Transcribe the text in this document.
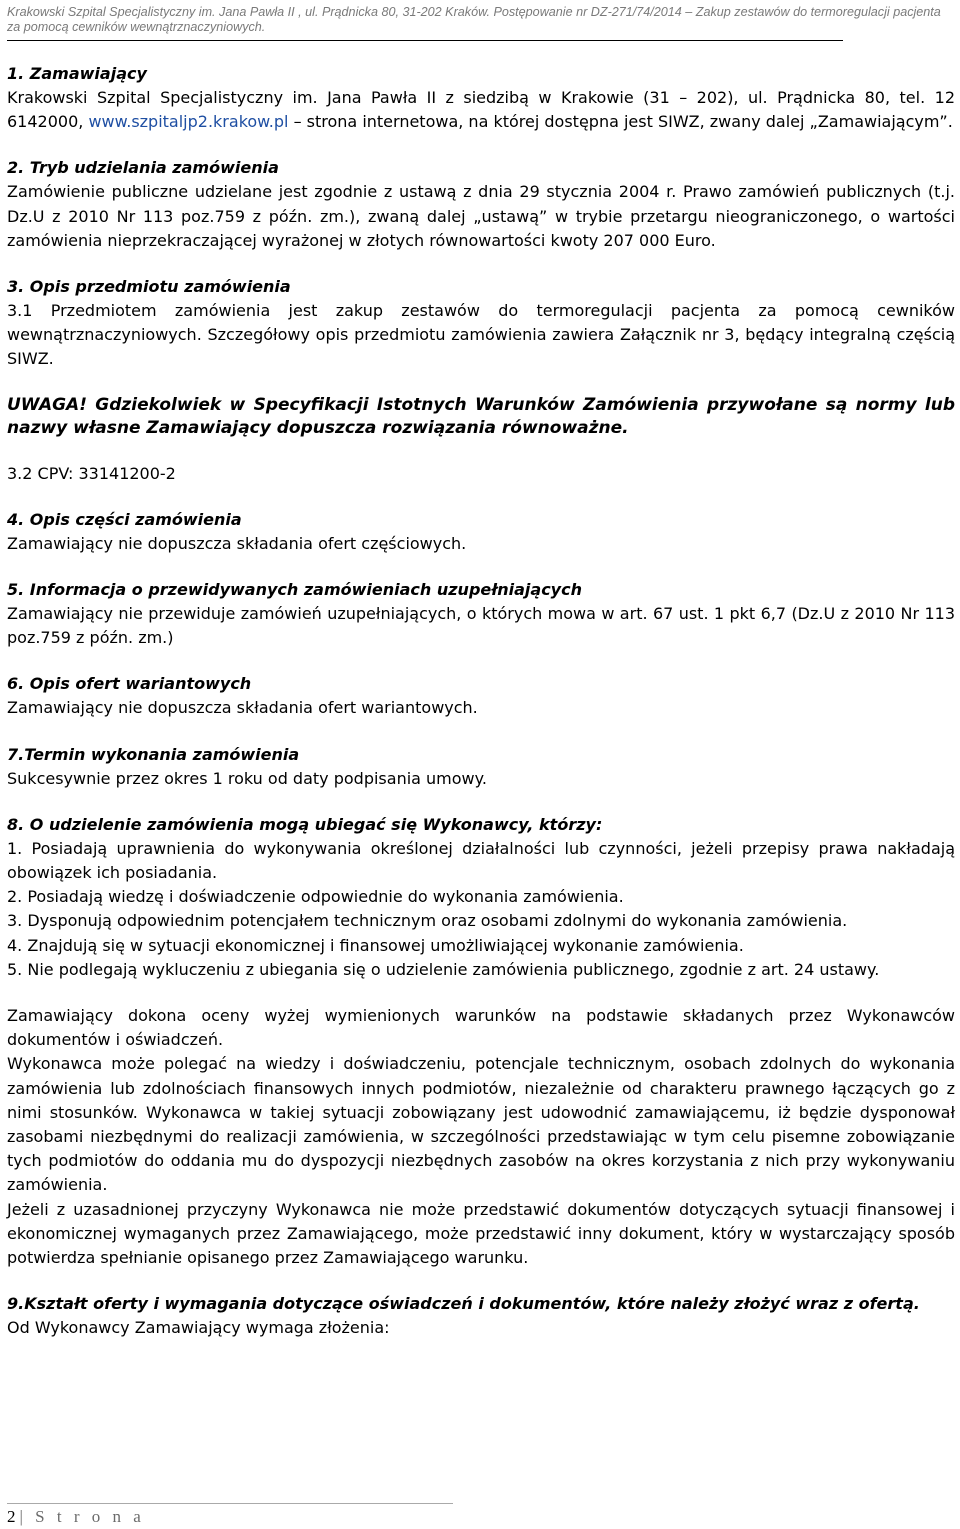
Krakowski Szpital Specjalistyczny im. Jana Pawła II , ul. Prądnicka 80, 31-202 Kraków. Postępowanie nr DZ-271/74/2014 – Zakup zestawów do termoregulacji pacjenta za pomocą cewników wewnątrznaczyniowych.
1. Zamawiający

Krakowski Szpital Specjalistyczny im. Jana Pawła II z siedzibą w Krakowie (31 – 202), ul. Prądnicka 80, tel. 12 6142000, www.szpitaljp2.krakow.pl – strona internetowa, na której dostępna jest SIWZ, zwany dalej „Zamawiającym”.

2. Tryb udzielania zamówienia

Zamówienie publiczne udzielane jest zgodnie z ustawą z dnia 29 stycznia 2004 r. Prawo zamówień publicznych (t.j. Dz.U z 2010 Nr 113 poz.759 z późn. zm.), zwaną dalej „ustawą” w trybie przetargu nieograniczonego, o wartości zamówienia nieprzekraczającej wyrażonej w złotych równowartości kwoty 207 000 Euro.

3. Opis przedmiotu zamówienia

3.1 Przedmiotem zamówienia jest zakup zestawów do termoregulacji pacjenta za pomocą cewników wewnątrznaczyniowych. Szczegółowy opis przedmiotu zamówienia zawiera Załącznik nr 3, będący integralną częścią SIWZ.

UWAGA! Gdziekolwiek w Specyfikacji Istotnych Warunków Zamówienia przywołane są normy lub nazwy własne Zamawiający dopuszcza rozwiązania równoważne.

3.2 CPV: 33141200-2

4. Opis części zamówienia

Zamawiający nie dopuszcza składania ofert częściowych.

5. Informacja o przewidywanych zamówieniach uzupełniających

Zamawiający nie przewiduje zamówień uzupełniających, o których mowa w art. 67 ust. 1 pkt 6,7 (Dz.U z 2010 Nr 113 poz.759 z późn. zm.)

6. Opis ofert wariantowych

Zamawiający nie dopuszcza składania ofert wariantowych.

7.Termin wykonania zamówienia

Sukcesywnie przez okres 1 roku od daty podpisania umowy.

8. O udzielenie zamówienia mogą ubiegać się Wykonawcy, którzy:

1. Posiadają uprawnienia do wykonywania określonej działalności lub czynności, jeżeli przepisy prawa nakładają obowiązek ich posiadania.

2. Posiadają wiedzę i doświadczenie odpowiednie do wykonania zamówienia.

3. Dysponują odpowiednim potencjałem technicznym oraz osobami zdolnymi do wykonania zamówienia.

4. Znajdują się w sytuacji ekonomicznej i finansowej umożliwiającej wykonanie zamówienia.

5. Nie podlegają wykluczeniu z ubiegania się o udzielenie zamówienia publicznego, zgodnie z art. 24 ustawy.

Zamawiający dokona oceny wyżej wymienionych warunków na podstawie składanych przez Wykonawców dokumentów i oświadczeń.

Wykonawca może polegać na wiedzy i doświadczeniu, potencjale technicznym, osobach zdolnych do wykonania zamówienia lub zdolnościach finansowych innych podmiotów, niezależnie od charakteru prawnego łączących go z nimi stosunków. Wykonawca w takiej sytuacji zobowiązany jest udowodnić zamawiającemu, iż będzie dysponował zasobami niezbędnymi do realizacji zamówienia, w szczególności przedstawiając w tym celu pisemne zobowiązanie tych podmiotów do oddania mu do dyspozycji niezbędnych zasobów na okres korzystania z nich przy wykonywaniu zamówienia.

Jeżeli z uzasadnionej przyczyny Wykonawca nie może przedstawić dokumentów dotyczących sytuacji finansowej i ekonomicznej wymaganych przez Zamawiającego, może przedstawić inny dokument, który w wystarczający sposób potwierdza spełnianie opisanego przez Zamawiającego warunku.

9.Kształt oferty i wymagania dotyczące oświadczeń i dokumentów, które należy złożyć wraz z ofertą.

Od Wykonawcy Zamawiający wymaga złożenia:

2 | S t r o n a
